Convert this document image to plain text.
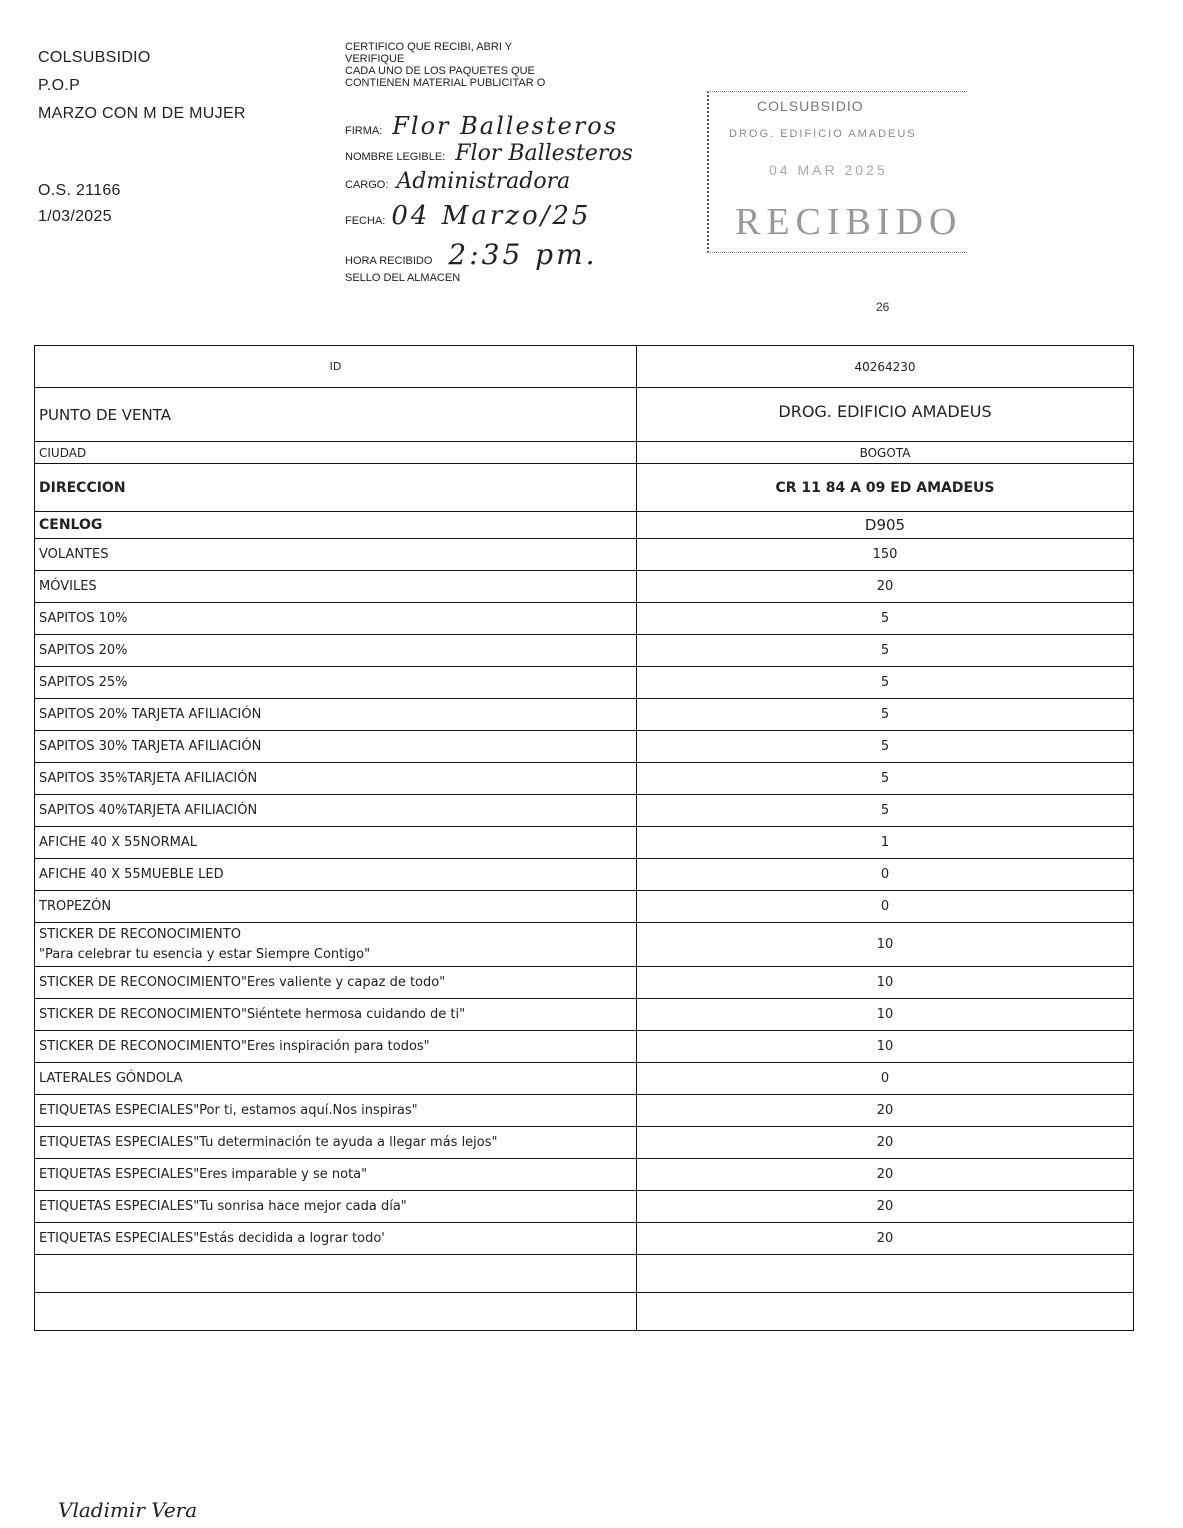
COLSUBSIDIO
P.O.P
MARZO CON M DE MUJER
O.S. 21166
1/03/2025
CERTIFICO QUE RECIBI, ABRI Y
VERIFIQUE
CADA UNO DE LOS PAQUETES QUE
CONTIENEN MATERIAL PUBLICITAR O
FIRMA: Flor Ballesteros
NOMBRE LEGIBLE: Flor Ballesteros
CARGO: Administradora
FECHA: 04 Marzo/25
HORA RECIBIDO 2:35 pm.
SELLO DEL ALMACEN
COLSUBSIDIO
DROG. EDIFICIO AMADEUS
04 MAR 2025
RECIBIDO
26
ID	40264230
PUNTO DE VENTA	DROG. EDIFICIO AMADEUS
CIUDAD	BOGOTA
DIRECCION	CR 11 84 A 09 ED AMADEUS
CENLOG	D905
VOLANTES	150
MÓVILES	20
SAPITOS 10%	5
SAPITOS 20%	5
SAPITOS 25%	5
SAPITOS 20% TARJETA AFILIACIÓN	5
SAPITOS 30% TARJETA AFILIACIÓN	5
SAPITOS 35%TARJETA AFILIACIÓN	5
SAPITOS 40%TARJETA AFILIACIÓN	5
AFICHE 40 X 55NORMAL	1
AFICHE 40 X 55MUEBLE LED	0
TROPEZÓN	0

STICKER DE RECONOCIMIENTO
"Para celebrar tu esencia y estar Siempre Contigo"	10
STICKER DE RECONOCIMIENTO"Eres valiente y capaz de todo"	10
STICKER DE RECONOCIMIENTO"Siéntete hermosa cuidando de ti"	10
STICKER DE RECONOCIMIENTO"Eres inspiración para todos"	10
LATERALES GÓNDOLA	0
ETIQUETAS ESPECIALES"Por ti, estamos aquí.Nos inspiras"	20
ETIQUETAS ESPECIALES"Tu determinación te ayuda a llegar más lejos"	20
ETIQUETAS ESPECIALES"Eres imparable y se nota"	20
ETIQUETAS ESPECIALES"Tu sonrisa hace mejor cada día"	20
ETIQUETAS ESPECIALES"Estás decidida a lograr todo'	20

Vladimir Vera
